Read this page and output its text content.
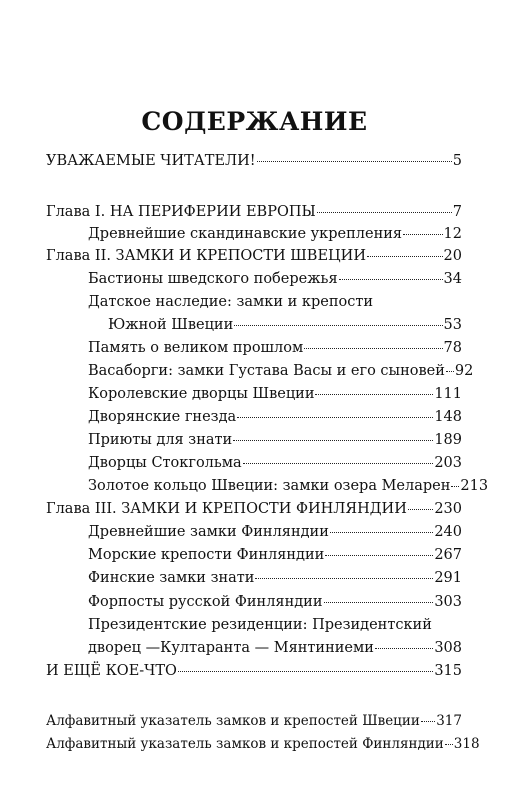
СОДЕРЖАНИЕ
УВАЖАЕМЫЕ ЧИТАТЕЛИ!	5
Глава I. НА ПЕРИФЕРИИ ЕВРОПЫ	7
Древнейшие скандинавские укрепления	12
Глава II. ЗАМКИ И КРЕПОСТИ ШВЕЦИИ	20
Бастионы шведского побережья	34
Датское наследие: замки и крепости
Южной Швеции	53
Память о великом прошлом	78
Васаборги: замки Густава Васы и его сыновей 92
Королевские дворцы Швеции	111
Дворянские гнезда	148
Приюты для знати	189
Дворцы Стокгольма	203
Золотое кольцо Швеции: замки озера Меларен 213
Глава III. ЗАМКИ И КРЕПОСТИ ФИНЛЯНДИИ 230
Древнейшие замки Финляндии	240
Морские крепости Финляндии	267
Финские замки знати	291
Форпосты русской Финляндии	303
Президентские резиденции: Президентский
дворец —Култаранта — Мянтиниеми	308
И ЕЩЁ КОЕ-ЧТО	315
Алфавитный указатель замков и крепостей Швеции 317
Алфавитный указатель замков и крепостей Финляндии 318
